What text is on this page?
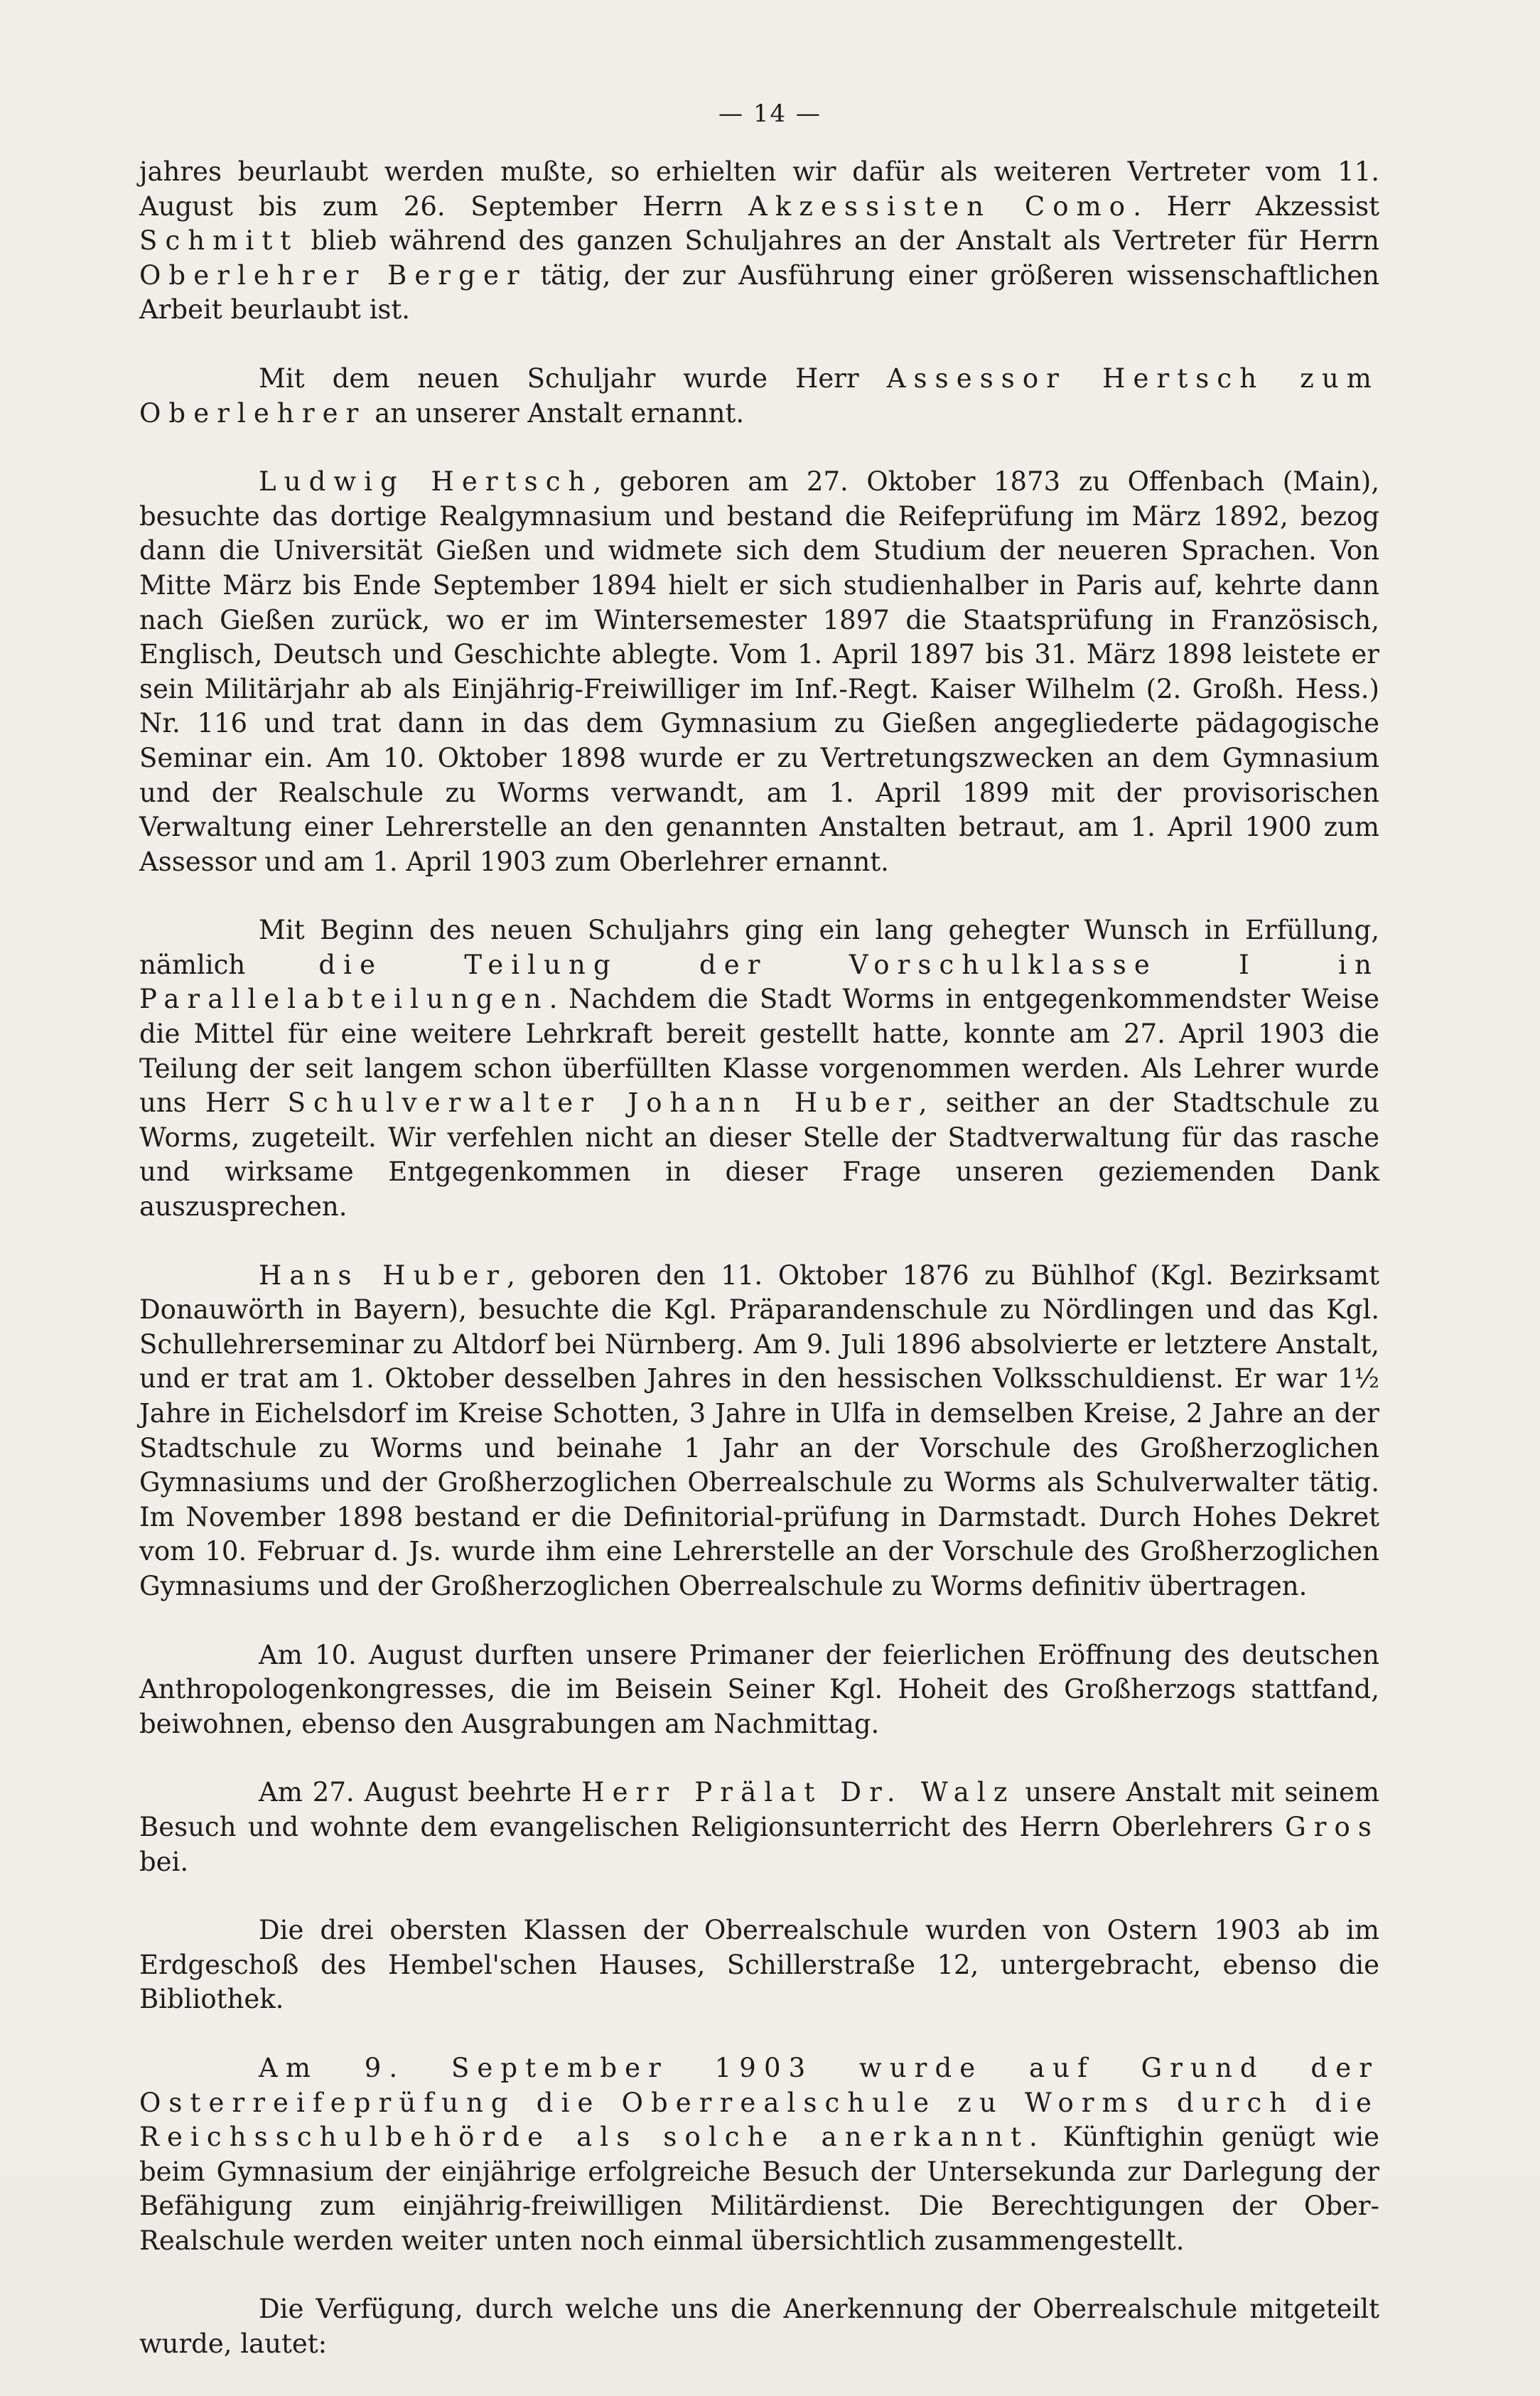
— 14 —

jahres beurlaubt werden mußte, so erhielten wir dafür als weiteren Vertreter vom 11. August bis zum 26. September Herrn Akzessisten Como. Herr Akzessist Schmitt blieb während des ganzen Schuljahres an der Anstalt als Vertreter für Herrn Oberlehrer Berger tätig, der zur Ausführung einer größeren wissenschaftlichen Arbeit beurlaubt ist.

Mit dem neuen Schuljahr wurde Herr Assessor Hertsch zum Oberlehrer an unserer Anstalt ernannt.

Ludwig Hertsch, geboren am 27. Oktober 1873 zu Offenbach (Main), besuchte das dortige Realgymnasium und bestand die Reifeprüfung im März 1892, bezog dann die Universität Gießen und widmete sich dem Studium der neueren Sprachen. Von Mitte März bis Ende September 1894 hielt er sich studienhalber in Paris auf, kehrte dann nach Gießen zurück, wo er im Wintersemester 1897 die Staatsprüfung in Französisch, Englisch, Deutsch und Geschichte ablegte. Vom 1. April 1897 bis 31. März 1898 leistete er sein Militärjahr ab als Einjährig-Freiwilliger im Inf.-Regt. Kaiser Wilhelm (2. Großh. Hess.) Nr. 116 und trat dann in das dem Gymnasium zu Gießen angegliederte pädagogische Seminar ein. Am 10. Oktober 1898 wurde er zu Vertretungszwecken an dem Gymnasium und der Realschule zu Worms verwandt, am 1. April 1899 mit der provisorischen Verwaltung einer Lehrerstelle an den genannten Anstalten betraut, am 1. April 1900 zum Assessor und am 1. April 1903 zum Oberlehrer ernannt.

Mit Beginn des neuen Schuljahrs ging ein lang gehegter Wunsch in Erfüllung, nämlich die Teilung der Vorschulklasse I in Parallelabteilungen. Nachdem die Stadt Worms in entgegenkommendster Weise die Mittel für eine weitere Lehrkraft bereit gestellt hatte, konnte am 27. April 1903 die Teilung der seit langem schon überfüllten Klasse vorgenommen werden. Als Lehrer wurde uns Herr Schulverwalter Johann Huber, seither an der Stadtschule zu Worms, zugeteilt. Wir verfehlen nicht an dieser Stelle der Stadtverwaltung für das rasche und wirksame Entgegenkommen in dieser Frage unseren geziemenden Dank auszusprechen.

Hans Huber, geboren den 11. Oktober 1876 zu Bühlhof (Kgl. Bezirksamt Donauwörth in Bayern), besuchte die Kgl. Präparandenschule zu Nördlingen und das Kgl. Schullehrerseminar zu Altdorf bei Nürnberg. Am 9. Juli 1896 absolvierte er letztere Anstalt, und er trat am 1. Oktober desselben Jahres in den hessischen Volksschuldienst. Er war 1½ Jahre in Eichelsdorf im Kreise Schotten, 3 Jahre in Ulfa in demselben Kreise, 2 Jahre an der Stadtschule zu Worms und beinahe 1 Jahr an der Vorschule des Großherzoglichen Gymnasiums und der Großherzoglichen Oberrealschule zu Worms als Schulverwalter tätig. Im November 1898 bestand er die Definitorial-prüfung in Darmstadt. Durch Hohes Dekret vom 10. Februar d. Js. wurde ihm eine Lehrerstelle an der Vorschule des Großherzoglichen Gymnasiums und der Großherzoglichen Oberrealschule zu Worms definitiv übertragen.

Am 10. August durften unsere Primaner der feierlichen Eröffnung des deutschen Anthropologenkongresses, die im Beisein Seiner Kgl. Hoheit des Großherzogs stattfand, beiwohnen, ebenso den Ausgrabungen am Nachmittag.

Am 27. August beehrte Herr Prälat Dr. Walz unsere Anstalt mit seinem Besuch und wohnte dem evangelischen Religionsunterricht des Herrn Oberlehrers Gros bei.

Die drei obersten Klassen der Oberrealschule wurden von Ostern 1903 ab im Erdgeschoß des Hembel'schen Hauses, Schillerstraße 12, untergebracht, ebenso die Bibliothek.

Am 9. September 1903 wurde auf Grund der Osterreifeprüfung die Oberrealschule zu Worms durch die Reichsschulbehörde als solche anerkannt. Künftighin genügt wie beim Gymnasium der einjährige erfolgreiche Besuch der Untersekunda zur Darlegung der Befähigung zum einjährig-freiwilligen Militärdienst. Die Berechtigungen der Ober-Realschule werden weiter unten noch einmal übersichtlich zusammengestellt.

Die Verfügung, durch welche uns die Anerkennung der Oberrealschule mitgeteilt wurde, lautet:
